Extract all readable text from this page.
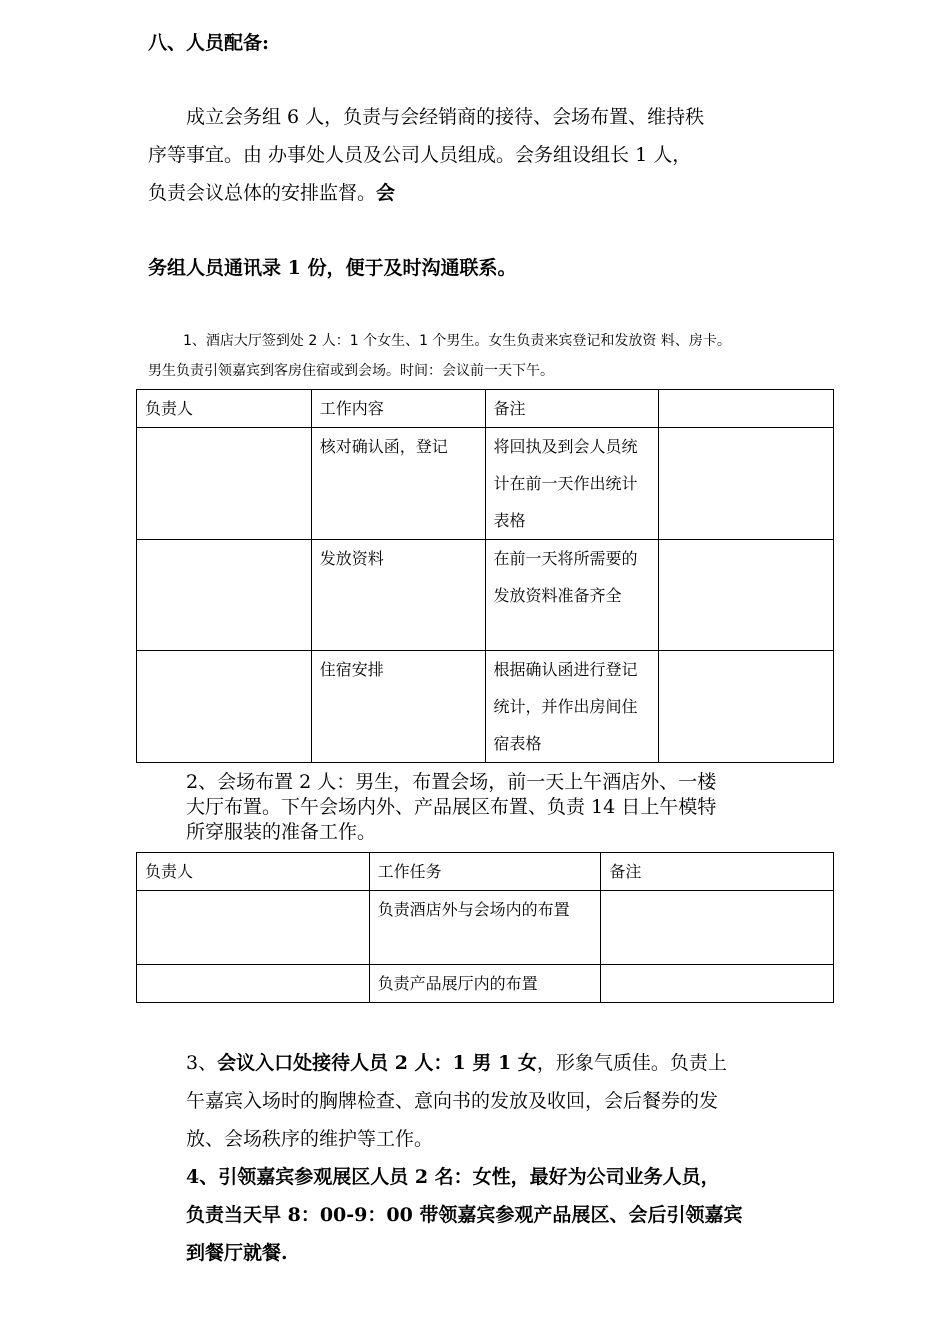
八、人员配备:
成立会务组 6 人，负责与会经销商的接待、会场布置、维持秩
序等事宜。由 办事处人员及公司人员组成。会务组设组长 1 人，
负责会议总体的安排监督。会
务组人员通讯录 1 份，便于及时沟通联系。
1、酒店大厅签到处 2 人：1 个女生、1 个男生。女生负责来宾登记和发放资 料、房卡。
男生负责引领嘉宾到客房住宿或到会场。时间：会议前一天下午。
负责人	工作内容	备注	
	核对确认函，登记	将回执及到会人员统计在前一天作出统计表格	
	发放资料	在前一天将所需要的发放资料准备齐全	
	住宿安排	根据确认函进行登记统计，并作出房间住宿表格	
2、会场布置 2 人：男生，布置会场，前一天上午酒店外、一楼
大厅布置。下午会场内外、产品展区布置、负责 14 日上午模特
所穿服装的准备工作。
负责人	工作任务	备注
	负责酒店外与会场内的布置	
	负责产品展厅内的布置	
3、会议入口处接待人员 2 人：1 男 1 女，形象气质佳。负责上
午嘉宾入场时的胸牌检查、意向书的发放及收回，会后餐券的发
放、会场秩序的维护等工作。
4、引领嘉宾参观展区人员 2 名：女性，最好为公司业务人员，
负责当天早 8：00-9：00 带领嘉宾参观产品展区、会后引领嘉宾
到餐厅就餐.
